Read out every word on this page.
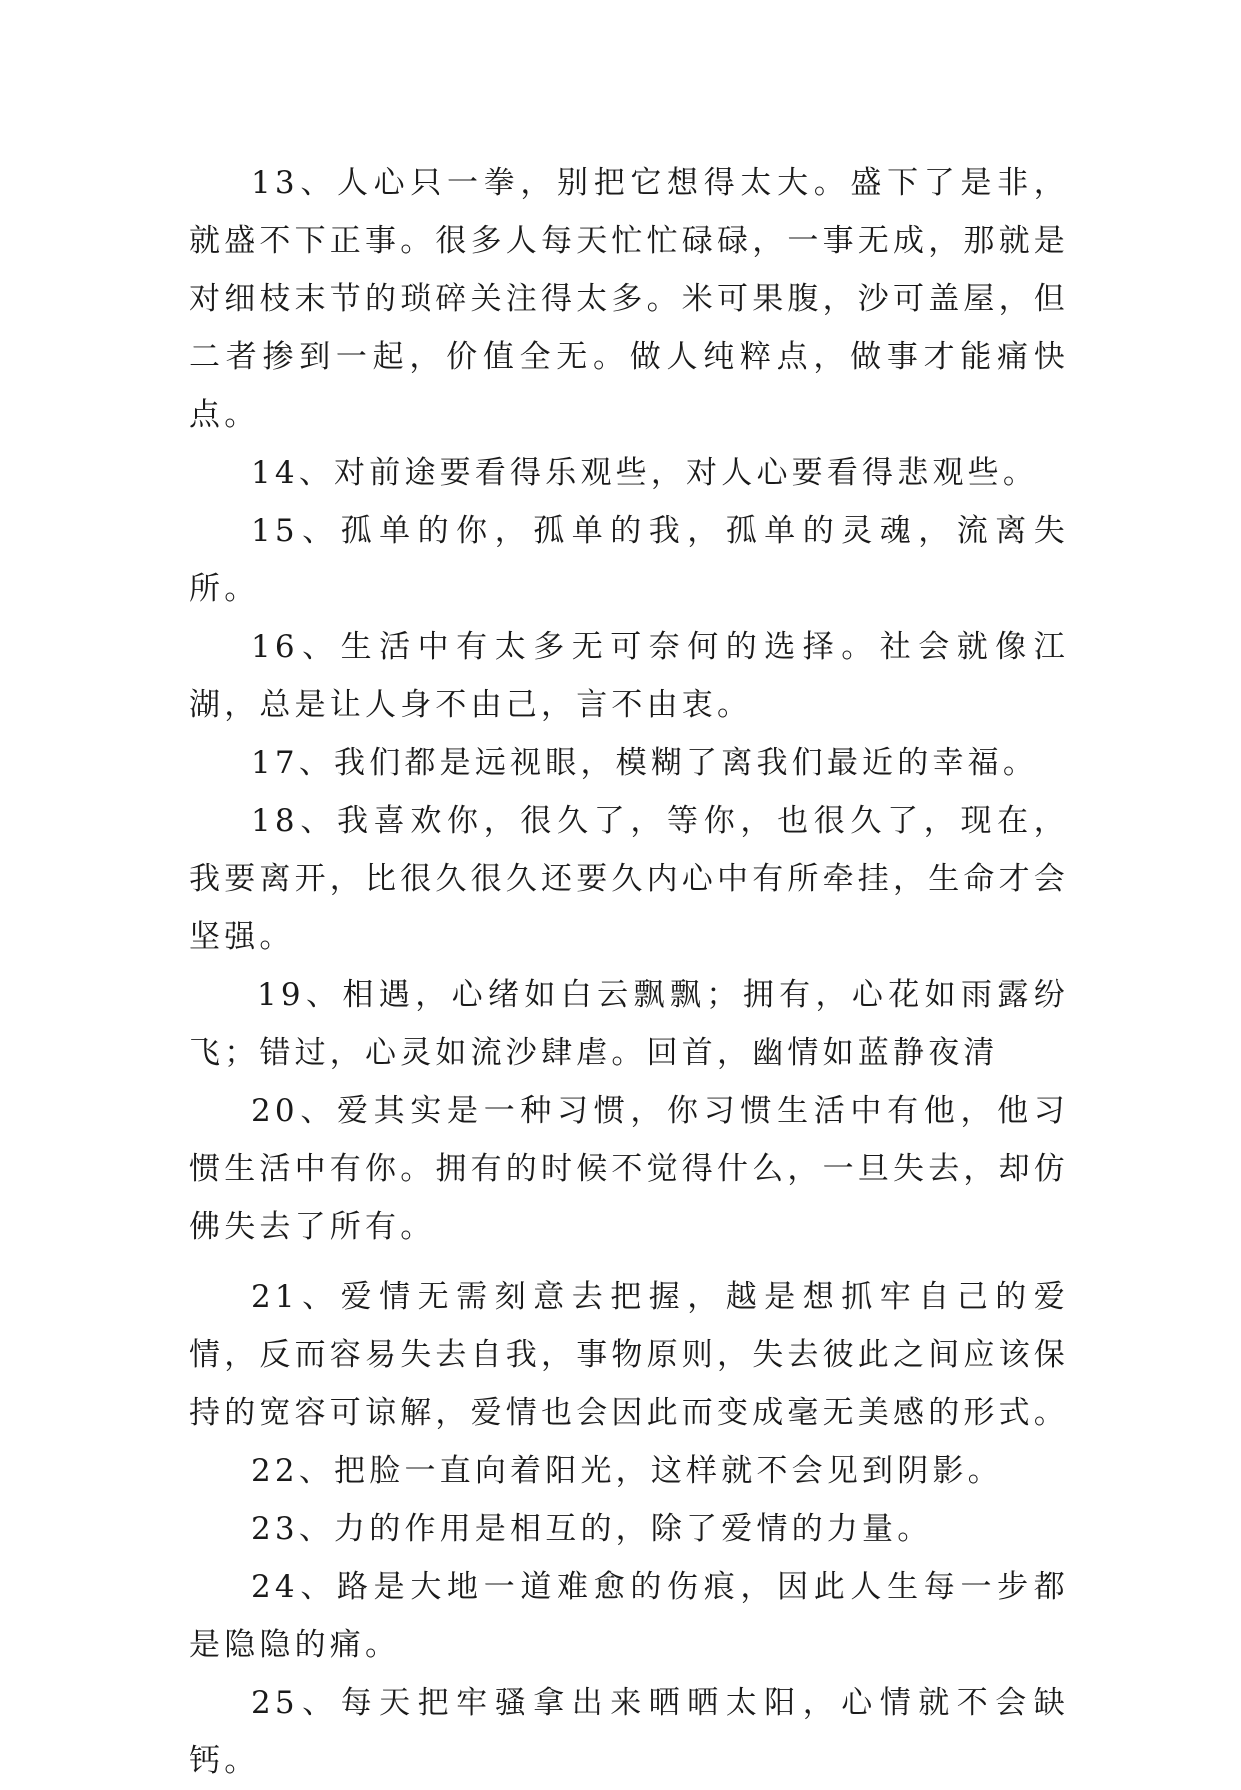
13、人心只一拳，别把它想得太大。盛下了是非，就盛不下正事。很多人每天忙忙碌碌，一事无成，那就是对细枝末节的琐碎关注得太多。米可果腹，沙可盖屋，但二者掺到一起，价值全无。做人纯粹点，做事才能痛快点。

14、对前途要看得乐观些，对人心要看得悲观些。

15、孤单的你，孤单的我，孤单的灵魂，流离失所。

16、生活中有太多无可奈何的选择。社会就像江湖，总是让人身不由己，言不由衷。

17、我们都是远视眼，模糊了离我们最近的幸福。

18、我喜欢你，很久了，等你，也很久了，现在，我要离开，比很久很久还要久内心中有所牵挂，生命才会坚强。

19、相遇，心绪如白云飘飘；拥有，心花如雨露纷飞；错过，心灵如流沙肆虐。回首，幽情如蓝静夜清

20、爱其实是一种习惯，你习惯生活中有他，他习惯生活中有你。拥有的时候不觉得什么，一旦失去，却仿佛失去了所有。

21、爱情无需刻意去把握，越是想抓牢自己的爱情，反而容易失去自我，事物原则，失去彼此之间应该保持的宽容可谅解，爱情也会因此而变成毫无美感的形式。

22、把脸一直向着阳光，这样就不会见到阴影。

23、力的作用是相互的，除了爱情的力量。

24、路是大地一道难愈的伤痕，因此人生每一步都是隐隐的痛。

25、每天把牢骚拿出来晒晒太阳，心情就不会缺钙。
